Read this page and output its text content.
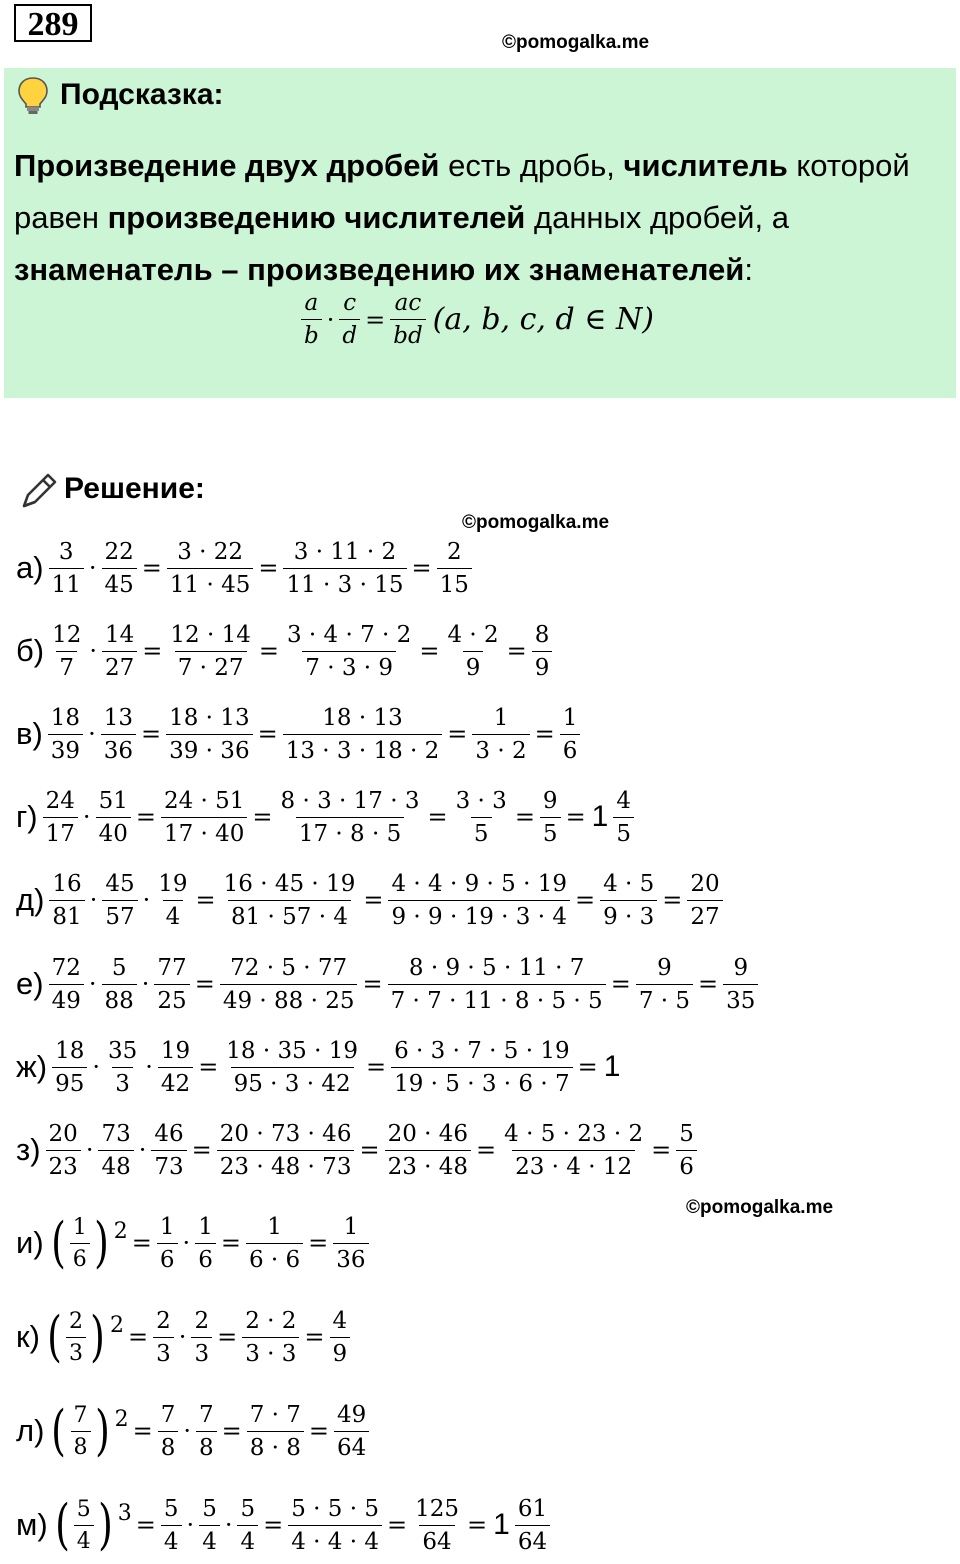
289	©pomogalka.me
Подсказка:
Произведение двух дробей есть дробь, числитель которой равен произведению числителей данных дробей, а знаменатель – произведению их знаменателей:
$\frac{a}{b} \cdot \frac{c}{d} = \frac{ac}{bd} (a$, b, c, d ∈ N)
©pomogalka.me
©pomogalka.me
Решение:
$а) \frac{3}{11} \cdot \frac{22}{45} = \frac{3 \cdot 22}{11 \cdot 45} = \frac{3 \cdot 11 \cdot 2}{11 \cdot 3 \cdot 15} = \frac{2}{15}$
$б) \frac{12}{7} \cdot \frac{14}{27} = \frac{12 \cdot 14}{7 \cdot 27} = \frac{3 \cdot 4 \cdot 7 \cdot 2}{7 \cdot 3 \cdot 9} = \frac{4 \cdot 2}{9} = \frac{8}{9}$
$в) \frac{18}{39} \cdot \frac{13}{36} = \frac{18 \cdot 13}{39 \cdot 36} = \frac{18 \cdot 13}{13 \cdot 3 \cdot 18 \cdot 2} = \frac{1}{3 \cdot 2} = \frac{1}{6}$
$г) \frac{24}{17} \cdot \frac{51}{40} = \frac{24 \cdot 51}{17 \cdot 40} = \frac{8 \cdot 3 \cdot 17 \cdot 3}{17 \cdot 8 \cdot 5} = \frac{3 \cdot 3}{5} = \frac{9}{5} = 1 \frac{4}{5}$
$д) \frac{16}{81} \cdot \frac{45}{57} \cdot \frac{19}{4} = \frac{16 \cdot 45 \cdot 19}{81 \cdot 57 \cdot 4} = \frac{4 \cdot 4 \cdot 9 \cdot 5 \cdot 19}{9 \cdot 9 \cdot 19 \cdot 3 \cdot 4} = \frac{4 \cdot 5}{9 \cdot 3} = \frac{20}{27}$
$е) \frac{72}{49} \cdot \frac{5}{88} \cdot \frac{77}{25} = \frac{72 \cdot 5 \cdot 77}{49 \cdot 88 \cdot 25} = \frac{8 \cdot 9 \cdot 5 \cdot 11 \cdot 7}{7 \cdot 7 \cdot 11 \cdot 8 \cdot 5 \cdot 5} = \frac{9}{7 \cdot 5} = \frac{9}{35}$
$ж) \frac{18}{95} \cdot \frac{35}{3} \cdot \frac{19}{42} = \frac{18 \cdot 35 \cdot 19}{95 \cdot 3 \cdot 42} = \frac{6 \cdot 3 \cdot 7 \cdot 5 \cdot 19}{19 \cdot 5 \cdot 3 \cdot 6 \cdot 7} = 1$
$з) \frac{20}{23} \cdot \frac{73}{48} \cdot \frac{46}{73} = \frac{20 \cdot 73 \cdot 46}{23 \cdot 48 \cdot 73} = \frac{20 \cdot 46}{23 \cdot 48} = \frac{4 \cdot 5 \cdot 23 \cdot 2}{23 \cdot 4 \cdot 12} = \frac{5}{6}$
и) ( $\frac{1}{6}$ ) $2 = \frac{1}{6} \cdot \frac{1}{6} = \frac{1}{6 \cdot 6} = \frac{1}{36}$
к) ( $\frac{2}{3}$ ) $2 = \frac{2}{3} \cdot \frac{2}{3} = \frac{2 \cdot 2}{3 \cdot 3} = \frac{4}{9}$
л) ( $\frac{7}{8}$ ) $2 = \frac{7}{8} \cdot \frac{7}{8} = \frac{7 \cdot 7}{8 \cdot 8} = \frac{49}{64}$
м) ( $\frac{5}{4}$ ) $3 = \frac{5}{4} \cdot \frac{5}{4} \cdot \frac{5}{4} = \frac{5 \cdot 5 \cdot 5}{4 \cdot 4 \cdot 4} = \frac{125}{64} = 1 \frac{61}{64}$
